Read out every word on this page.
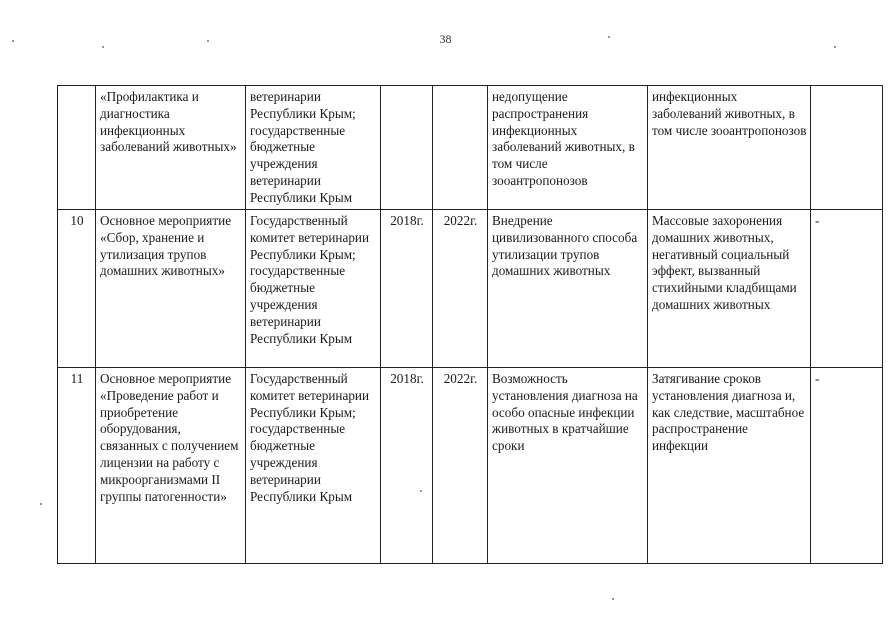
38
	«Профилактика и диагностика инфекционных заболеваний животных»	ветеринарии Республики Крым; государственные бюджетные учреждения ветеринарии Республики Крым			недопущение распространения инфекционных заболеваний животных, в том числе зооантропонозов	инфекционных заболеваний животных, в том числе зооантропонозов	
10	Основное мероприятие «Сбор, хранение и утилизация трупов домашних животных»	Государственный комитет ветеринарии Республики Крым; государственные бюджетные учреждения ветеринарии Республики Крым	2018г.	2022г.	Внедрение цивилизованного способа утилизации трупов домашних животных	Массовые захоронения домашних животных, негативный социальный эффект, вызванный стихийными кладбищами домашних животных	-
11	Основное мероприятие «Проведение работ и приобретение оборудования, связанных с получением лицензии на работу с микроорганизмами II группы патогенности»	Государственный комитет ветеринарии Республики Крым; государственные бюджетные учреждения ветеринарии Республики Крым	2018г.	2022г.	Возможность установления диагноза на особо опасные инфекции животных в кратчайшие сроки	Затягивание сроков установления диагноза и, как следствие, масштабное распространение инфекции	-
